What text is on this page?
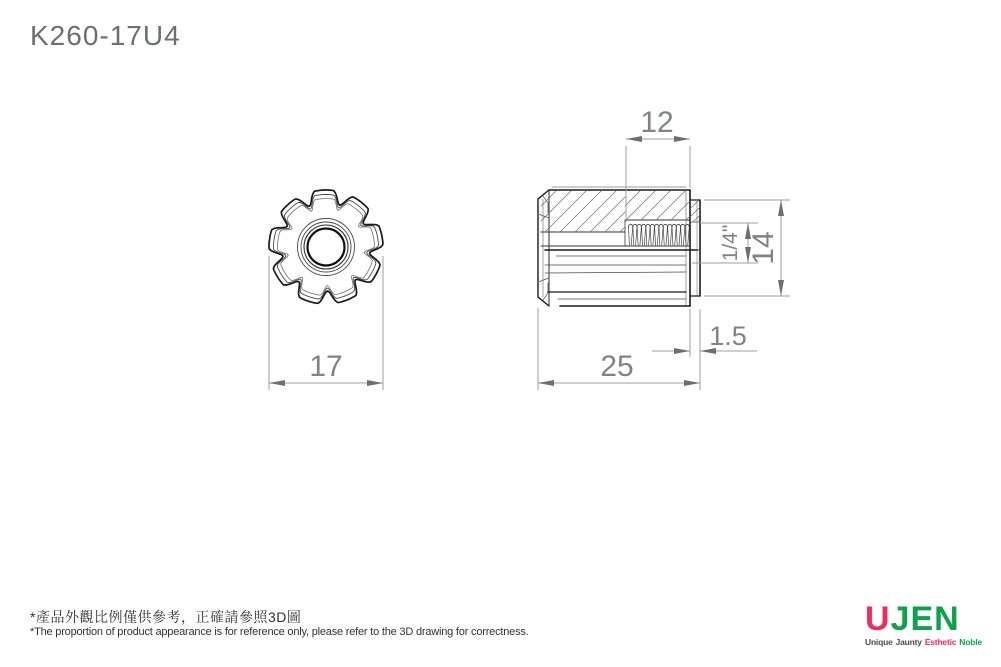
K260-17U4
12
1/4" 14
1.5
25
17
*產品外觀比例僅供參考，正確請參照3D圖
*The proportion of product appearance is for reference only, please refer to the 3D drawing for correctness.	UJEN
Unique Jaunty Esthetic Noble
